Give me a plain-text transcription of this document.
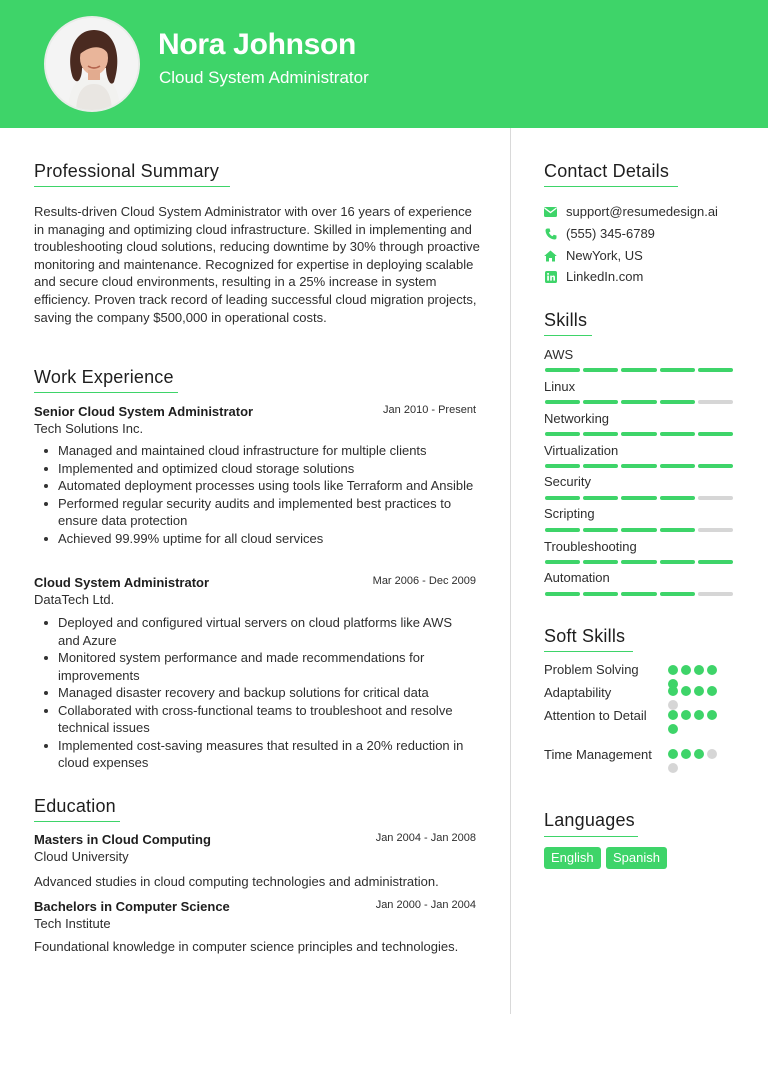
Nora Johnson
Cloud System Administrator
Professional Summary
Results-driven Cloud System Administrator with over 16 years of experience in managing and optimizing cloud infrastructure. Skilled in implementing and troubleshooting cloud solutions, reducing downtime by 30% through proactive monitoring and maintenance. Recognized for expertise in deploying scalable and secure cloud environments, resulting in a 25% increase in system efficiency. Proven track record of leading successful cloud migration projects, saving the company $500,000 in operational costs.
Work Experience
Senior Cloud System Administrator	Jan 2010 - Present
Tech Solutions Inc.
Managed and maintained cloud infrastructure for multiple clients
Implemented and optimized cloud storage solutions
Automated deployment processes using tools like Terraform and Ansible
Performed regular security audits and implemented best practices to ensure data protection
Achieved 99.99% uptime for all cloud services
Cloud System Administrator	Mar 2006 - Dec 2009
DataTech Ltd.
Deployed and configured virtual servers on cloud platforms like AWS and Azure
Monitored system performance and made recommendations for improvements
Managed disaster recovery and backup solutions for critical data
Collaborated with cross-functional teams to troubleshoot and resolve technical issues
Implemented cost-saving measures that resulted in a 20% reduction in cloud expenses
Education
Masters in Cloud Computing	Jan 2004 - Jan 2008
Cloud University
Advanced studies in cloud computing technologies and administration.
Bachelors in Computer Science	Jan 2000 - Jan 2004
Tech Institute
Foundational knowledge in computer science principles and technologies.
Contact Details
support@resumedesign.ai
(555) 345-6789
NewYork, US
LinkedIn.com
Skills
AWS
Linux
Networking
Virtualization
Security
Scripting
Troubleshooting
Automation
Soft Skills
Problem Solving
Adaptability
Attention to Detail
Time Management
Languages
English	Spanish
